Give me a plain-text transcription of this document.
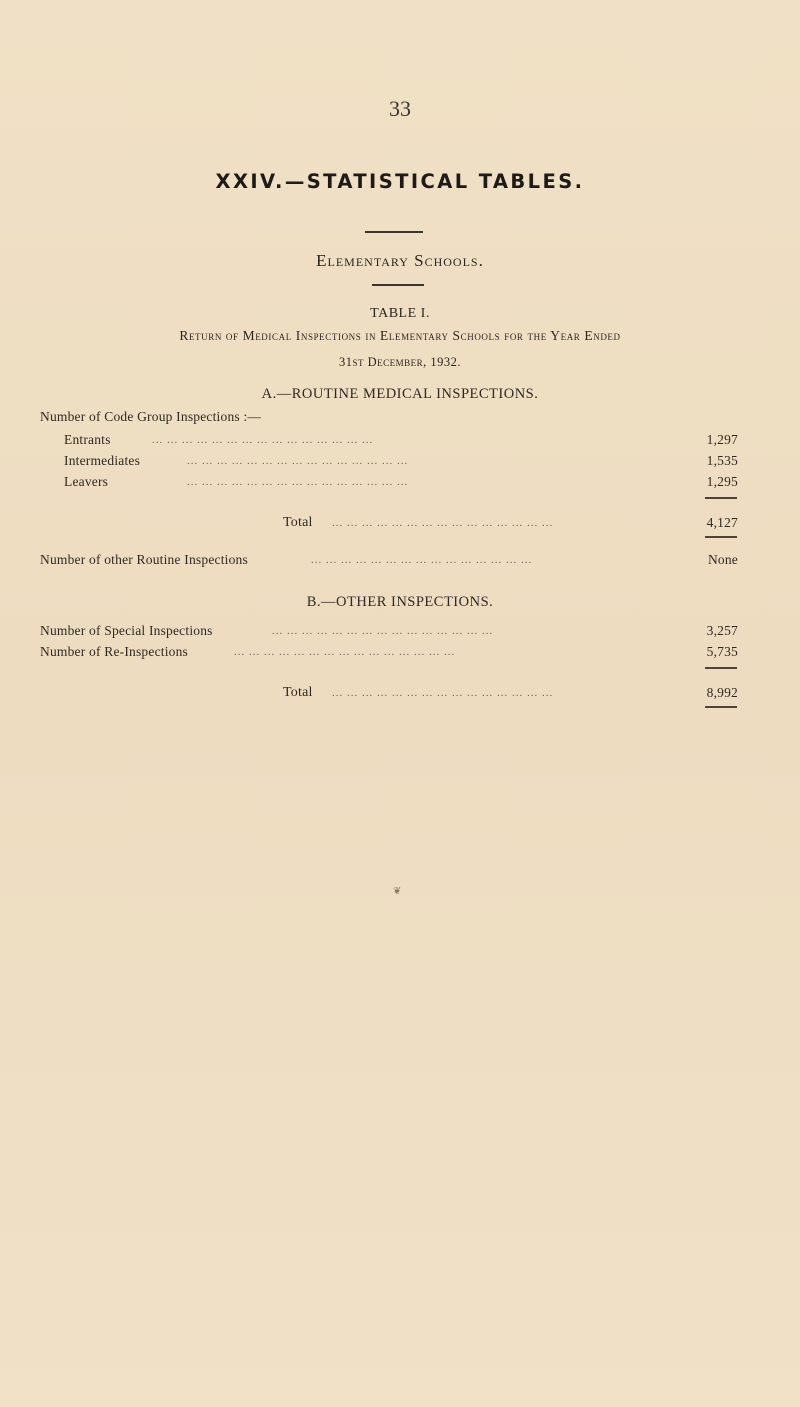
33
XXIV.—STATISTICAL TABLES.
Elementary Schools.
TABLE I.
Return of Medical Inspections in Elementary Schools for the Year Ended
31st December, 1932.
A.—ROUTINE MEDICAL INSPECTIONS.
Number of Code Group Inspections :—
Entrants	... ... ... ... ... ... ... ... ... ... ... ... ... ... ...	1,297
Intermediates	... ... ... ... ... ... ... ... ... ... ... ... ... ... ...	1,535
Leavers	... ... ... ... ... ... ... ... ... ... ... ... ... ... ...	1,295
Total ... ... ... ... ... ... ... ... ... ... ... ... ... ... ...	4,127
Number of other Routine Inspections	... ... ... ... ... ... ... ... ... ... ... ... ... ... ...	None
B.—OTHER INSPECTIONS.
Number of Special Inspections	... ... ... ... ... ... ... ... ... ... ... ... ... ... ...	3,257
Number of Re-Inspections	... ... ... ... ... ... ... ... ... ... ... ... ... ... ...	5,735
Total ... ... ... ... ... ... ... ... ... ... ... ... ... ... ...	8,992
❦
